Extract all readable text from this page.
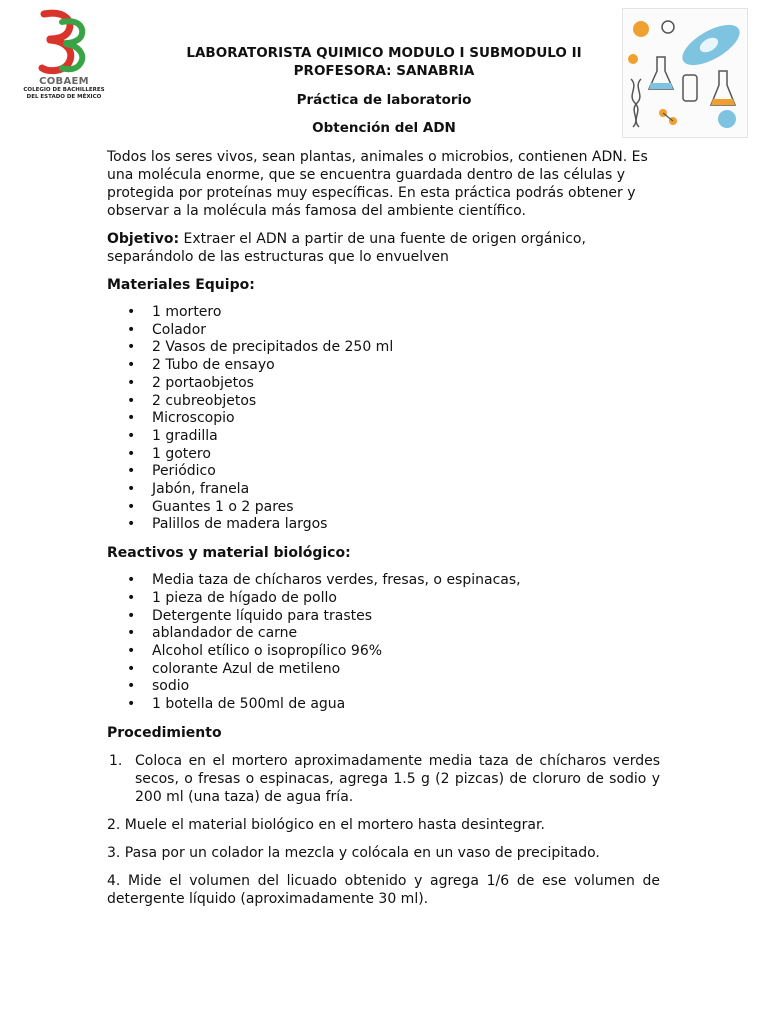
COBAEM
COLEGIO DE BACHILLERES
DEL ESTADO DE MÉXICO
LABORATORISTA QUIMICO MODULO I SUBMODULO II
PROFESORA: SANABRIA
Práctica de laboratorio
Obtención del ADN

Todos los seres vivos, sean plantas, animales o microbios, contienen ADN. Es una molécula enorme, que se encuentra guardada dentro de las células y protegida por proteínas muy específicas. En esta práctica podrás obtener y observar a la molécula más famosa del ambiente científico.

Objetivo: Extraer el ADN a partir de una fuente de origen orgánico, separándolo de las estructuras que lo envuelven

Materiales Equipo:

• 1 mortero
• Colador
• 2 Vasos de precipitados de 250 ml
• 2 Tubo de ensayo
• 2 portaobjetos
• 2 cubreobjetos
• Microscopio
• 1 gradilla
• 1 gotero
• Periódico
• Jabón, franela
• Guantes 1 o 2 pares
• Palillos de madera largos

Reactivos y material biológico:

• Media taza de chícharos verdes, fresas, o espinacas,
• 1 pieza de hígado de pollo
• Detergente líquido para trastes
• ablandador de carne
• Alcohol etílico o isopropílico 96%
• colorante Azul de metileno
• sodio
• 1 botella de 500ml de agua

Procedimiento

1. Coloca en el mortero aproximadamente media taza de chícharos verdes secos, o fresas o espinacas, agrega 1.5 g (2 pizcas) de cloruro de sodio y 200 ml (una taza) de agua fría.

2. Muele el material biológico en el mortero hasta desintegrar.

3. Pasa por un colador la mezcla y colócala en un vaso de precipitado.

4. Mide el volumen del licuado obtenido y agrega 1/6 de ese volumen de detergente líquido (aproximadamente 30 ml).
